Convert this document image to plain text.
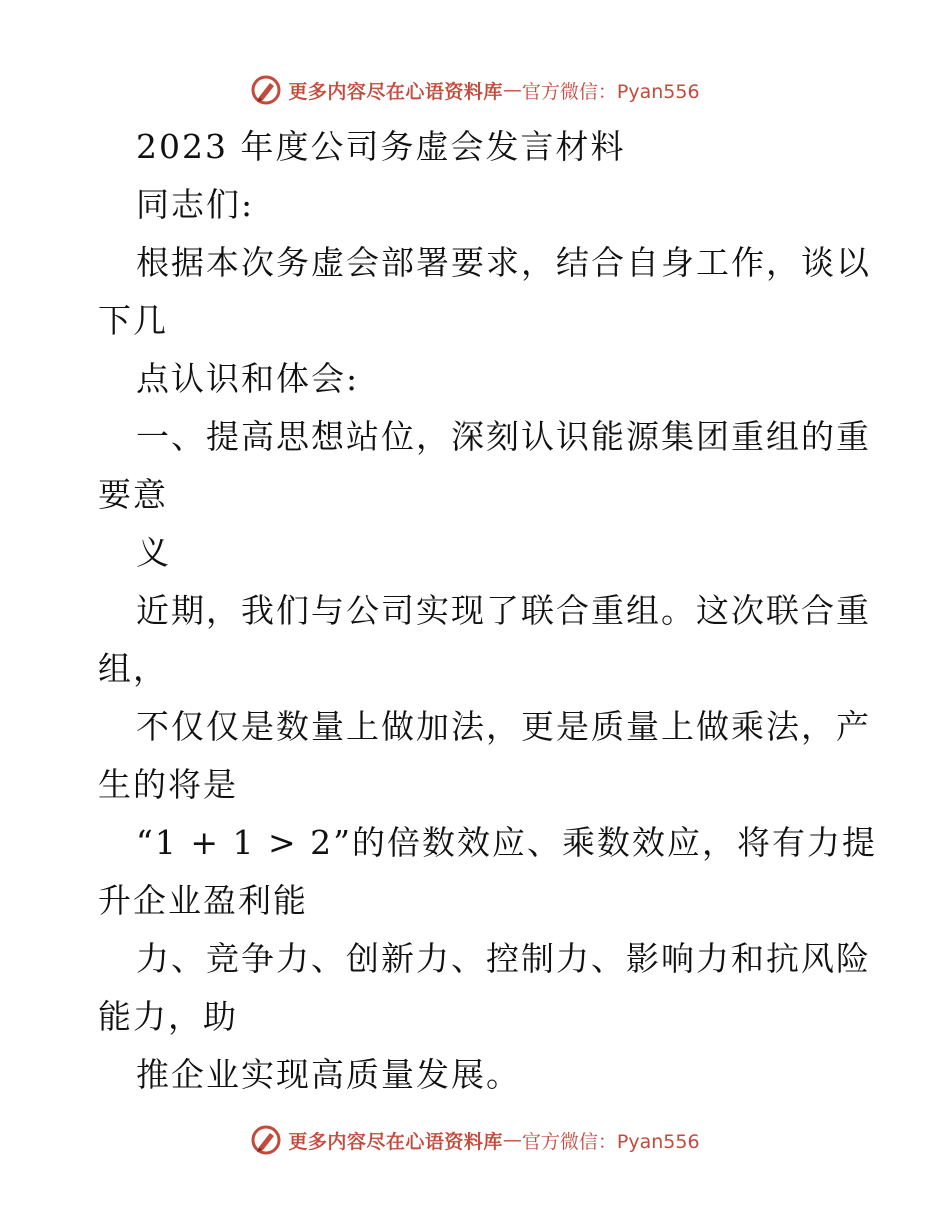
更多内容尽在心语资料库 — 官方微信：Pyan556
2023 年度公司务虚会发言材料
同志们:
根据本次务虚会部署要求，结合自身工作，谈以
下几
点认识和体会:
一、提高思想站位，深刻认识能源集团重组的重
要意
义
近期，我们与公司实现了联合重组。这次联合重
组，
不仅仅是数量上做加法，更是质量上做乘法，产
生的将是
“1 + 1 > 2”的倍数效应、乘数效应，将有力提
升企业盈利能
力、竞争力、创新力、控制力、影响力和抗风险
能力，助
推企业实现高质量发展。
更多内容尽在心语资料库 — 官方微信：Pyan556
